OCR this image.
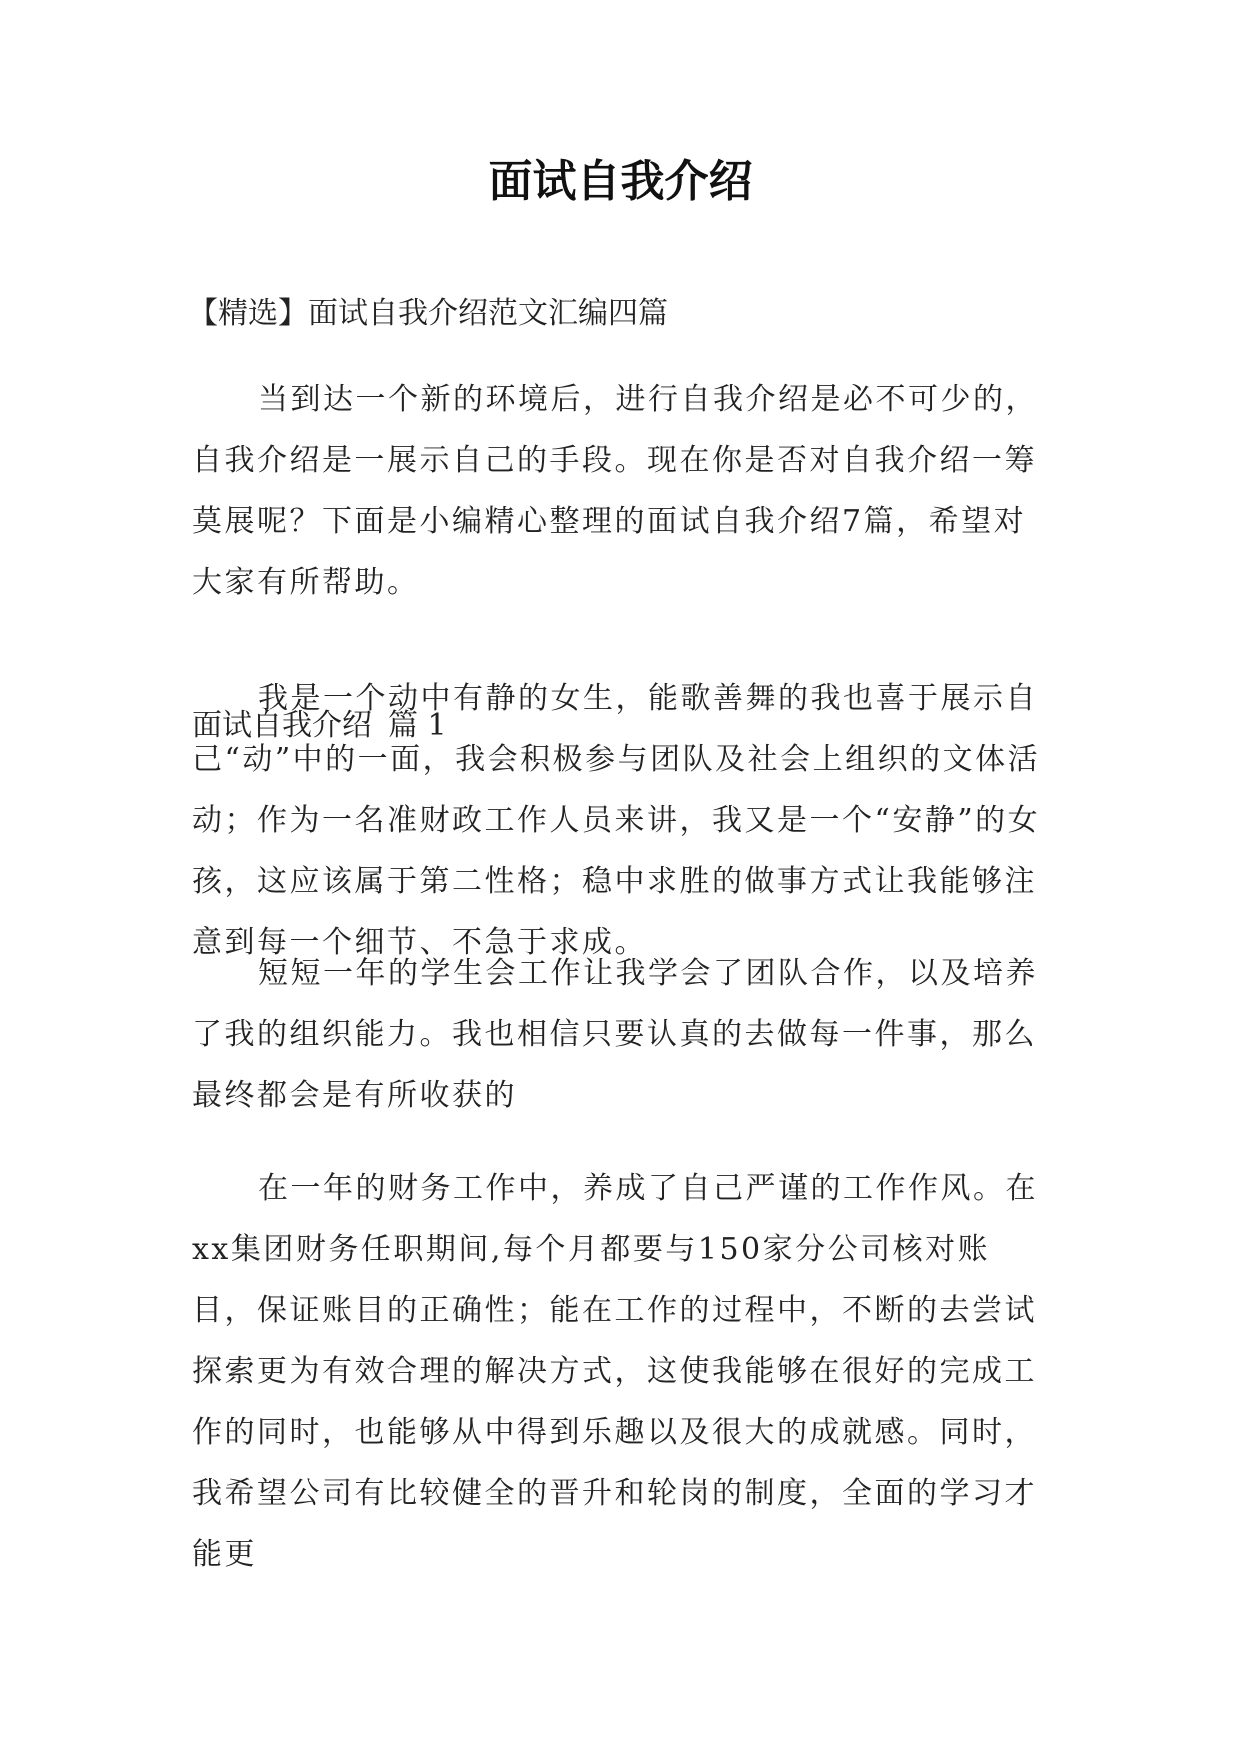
面试自我介绍

【精选】面试自我介绍范文汇编四篇

当到达一个新的环境后，进行自我介绍是必不可少的，自我介绍是一展示自己的手段。现在你是否对自我介绍一筹莫展呢？下面是小编精心整理的面试自我介绍7篇，希望对大家有所帮助。

面试自我介绍 篇 1

我是一个动中有静的女生，能歌善舞的我也喜于展示自己“动”中的一面，我会积极参与团队及社会上组织的文体活动；作为一名准财政工作人员来讲，我又是一个“安静”的女孩，这应该属于第二性格；稳中求胜的做事方式让我能够注意到每一个细节、不急于求成。

短短一年的学生会工作让我学会了团队合作，以及培养了我的组织能力。我也相信只要认真的去做每一件事，那么最终都会是有所收获的

在一年的财务工作中，养成了自己严谨的工作作风。在xx集团财务任职期间,每个月都要与150家分公司核对账目，保证账目的正确性；能在工作的过程中，不断的去尝试探索更为有效合理的解决方式，这使我能够在很好的完成工作的同时，也能够从中得到乐趣以及很大的成就感。同时，我希望公司有比较健全的晋升和轮岗的制度，全面的学习才能更
